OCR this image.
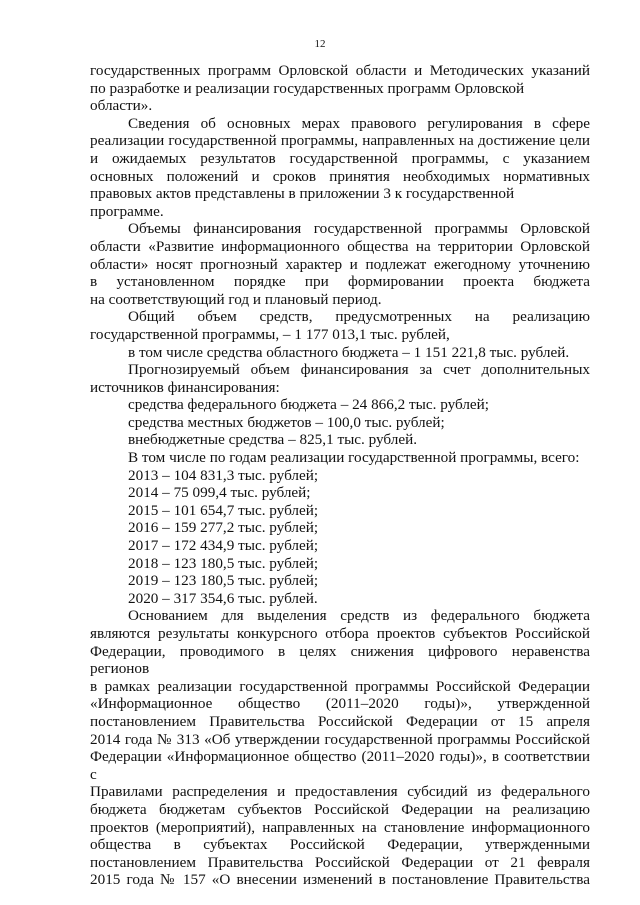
12

государственных программ Орловской области и Методических указаний

по разработке и реализации государственных программ Орловской области».

Сведения об основных мерах правового регулирования в сфере

реализации государственной программы, направленных на достижение цели

и ожидаемых результатов государственной программы, с указанием

основных положений и сроков принятия необходимых нормативных

правовых актов представлены в приложении 3 к государственной программе.

Объемы финансирования государственной программы Орловской

области «Развитие информационного общества на территории Орловской

области» носят прогнозный характер и подлежат ежегодному уточнению

в установленном порядке при формировании проекта бюджета

на соответствующий год и плановый период.

Общий объем средств, предусмотренных на реализацию

государственной программы, – 1 177 013,1 тыс. рублей,

в том числе средства областного бюджета – 1 151 221,8 тыс. рублей.

Прогнозируемый объем финансирования за счет дополнительных

источников финансирования:

средства федерального бюджета – 24 866,2 тыс. рублей;

средства местных бюджетов – 100,0 тыс. рублей;

внебюджетные средства – 825,1 тыс. рублей.

В том числе по годам реализации государственной программы, всего:

2013 – 104 831,3 тыс. рублей;

2014 – 75 099,4 тыс. рублей;

2015 – 101 654,7 тыс. рублей;

2016 – 159 277,2 тыс. рублей;

2017 – 172 434,9 тыс. рублей;

2018 – 123 180,5 тыс. рублей;

2019 – 123 180,5 тыс. рублей;

2020 – 317 354,6 тыс. рублей.

Основанием для выделения средств из федерального бюджета

являются результаты конкурсного отбора проектов субъектов Российской

Федерации, проводимого в целях снижения цифрового неравенства регионов

в рамках реализации государственной программы Российской Федерации

«Информационное общество (2011–2020 годы)», утвержденной

постановлением Правительства Российской Федерации от 15 апреля

2014 года № 313 «Об утверждении государственной программы Российской

Федерации «Информационное общество (2011–2020 годы)», в соответствии с

Правилами распределения и предоставления субсидий из федерального

бюджета бюджетам субъектов Российской Федерации на реализацию

проектов (мероприятий), направленных на становление информационного

общества в субъектах Российской Федерации, утвержденными

постановлением Правительства Российской Федерации от 21 февраля

2015 года № 157 «О внесении изменений в постановление Правительства
